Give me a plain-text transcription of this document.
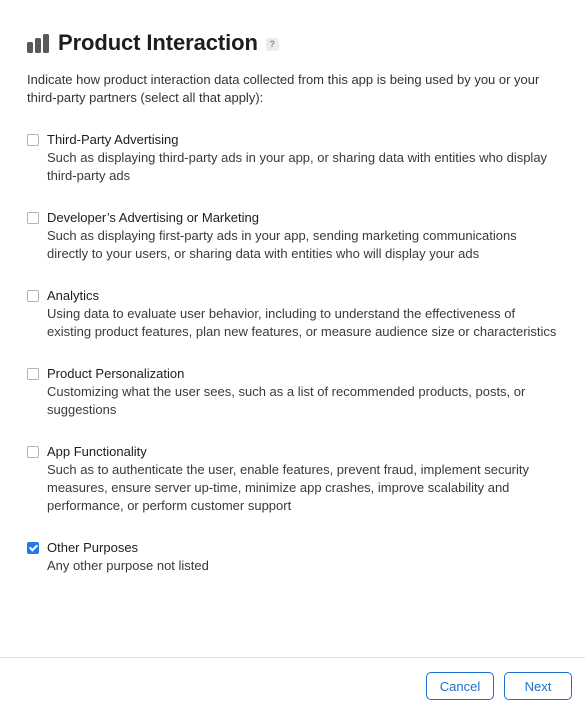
Product Interaction	?
Indicate how product interaction data collected from this app is being used by you or your third-party partners (select all that apply):
Third-Party Advertising
Such as displaying third-party ads in your app, or sharing data with entities who display third-party ads
Developer’s Advertising or Marketing
Such as displaying first-party ads in your app, sending marketing communications directly to your users, or sharing data with entities who will display your ads
Analytics
Using data to evaluate user behavior, including to understand the effectiveness of existing product features, plan new features, or measure audience size or characteristics
Product Personalization
Customizing what the user sees, such as a list of recommended products, posts, or suggestions
App Functionality
Such as to authenticate the user, enable features, prevent fraud, implement security measures, ensure server up-time, minimize app crashes, improve scalability and performance, or perform customer support
Other Purposes
Any other purpose not listed
Cancel	Next
